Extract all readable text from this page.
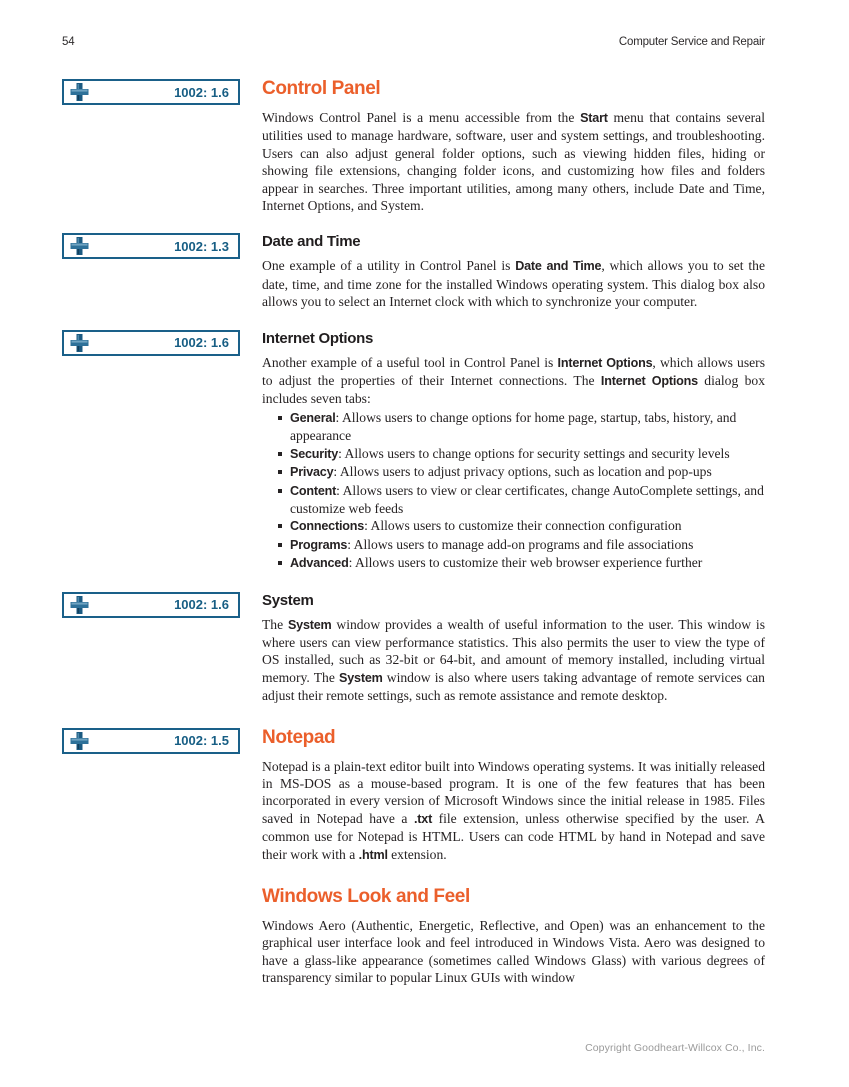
54	Computer Service and Repair
1002: 1.6 Control Panel

Windows Control Panel is a menu accessible from the Start menu that contains several utilities used to manage hardware, software, user and system settings, and troubleshooting. Users can also adjust general folder options, such as viewing hidden files, hiding or showing file extensions, changing folder icons, and customizing how files and folders appear in searches. Three important utilities, among many others, include Date and Time, Internet Options, and System.

1002: 1.3 Date and Time

One example of a utility in Control Panel is Date and Time, which allows you to set the date, time, and time zone for the installed Windows operating system. This dialog box also allows you to select an Internet clock with which to synchronize your computer.

1002: 1.6 Internet Options

Another example of a useful tool in Control Panel is Internet Options, which allows users to adjust the properties of their Internet connections. The Internet Options dialog box includes seven tabs:

General: Allows users to change options for home page, startup, tabs, history, and appearance
Security: Allows users to change options for security settings and security levels
Privacy: Allows users to adjust privacy options, such as location and pop-ups
Content: Allows users to view or clear certificates, change AutoComplete settings, and customize web feeds
Connections: Allows users to customize their connection configuration
Programs: Allows users to manage add-on programs and file associations
Advanced: Allows users to customize their web browser experience further
1002: 1.6 System

The System window provides a wealth of useful information to the user. This window is where users can view performance statistics. This also permits the user to view the type of OS installed, such as 32-bit or 64-bit, and amount of memory installed, including virtual memory. The System window is also where users taking advantage of remote services can adjust their remote settings, such as remote assistance and remote desktop.

1002: 1.5 Notepad

Notepad is a plain-text editor built into Windows operating systems. It was initially released in MS-DOS as a mouse-based program. It is one of the few features that has been incorporated in every version of Microsoft Windows since the initial release in 1985. Files saved in Notepad have a .txt file extension, unless otherwise specified by the user. A common use for Notepad is HTML. Users can code HTML by hand in Notepad and save their work with a .html extension.

Windows Look and Feel

Windows Aero (Authentic, Energetic, Reflective, and Open) was an enhancement to the graphical user interface look and feel introduced in Windows Vista. Aero was designed to have a glass-like appearance (sometimes called Windows Glass) with various degrees of transparency similar to popular Linux GUIs with window

Copyright Goodheart-Willcox Co., Inc.
